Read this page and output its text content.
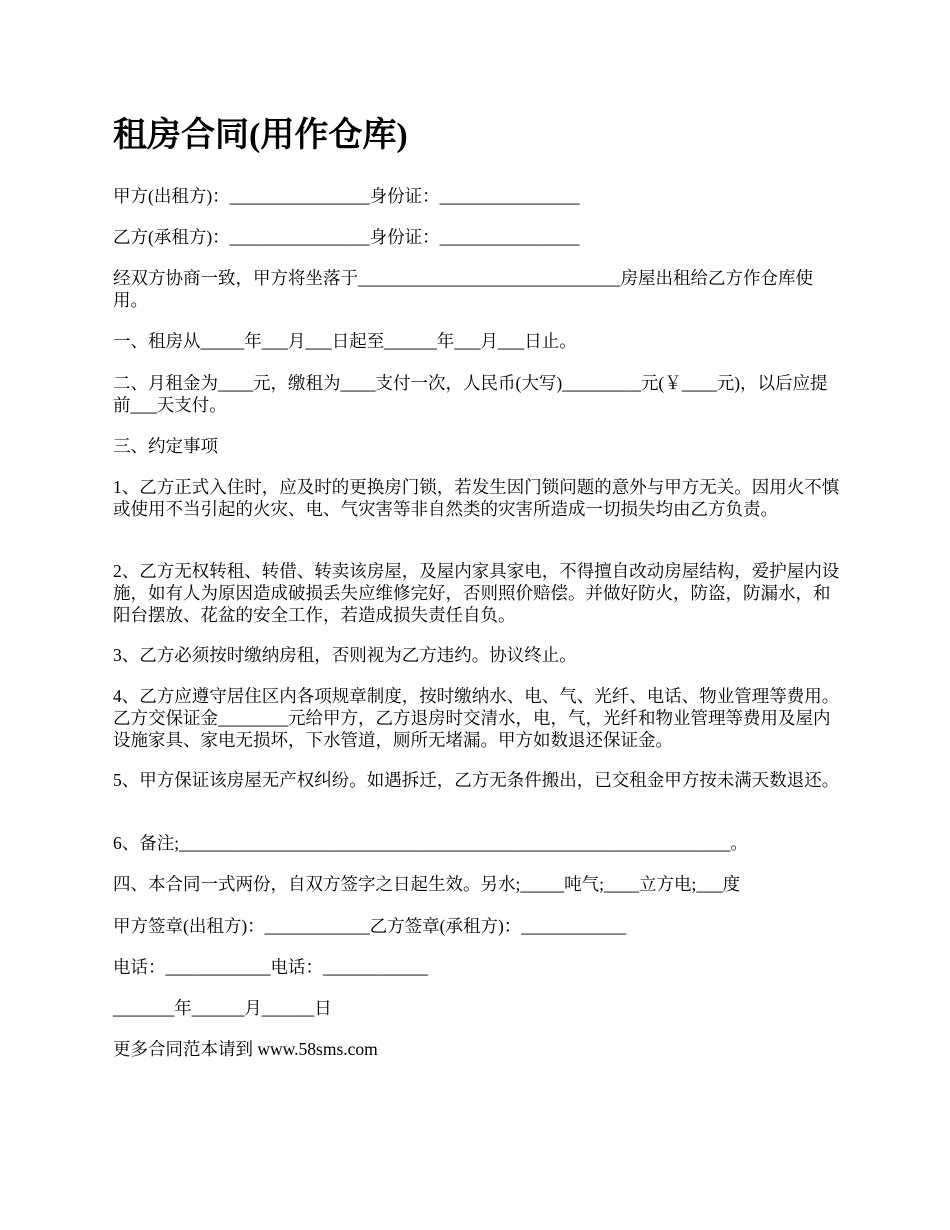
租房合同(用作仓库)

甲方(出租方)：________________身份证：________________

乙方(承租方)：________________身份证：________________

经双方协商一致，甲方将坐落于______________________________房屋出租给乙方作仓库使用。

一、租房从_____年___月___日起至______年___月___日止。

二、月租金为____元，缴租为____支付一次，人民币(大写)_________元(￥____元)，以后应提前___天支付。

三、约定事项

1、乙方正式入住时，应及时的更换房门锁，若发生因门锁问题的意外与甲方无关。因用火不慎或使用不当引起的火灾、电、气灾害等非自然类的灾害所造成一切损失均由乙方负责。

2、乙方无权转租、转借、转卖该房屋，及屋内家具家电，不得擅自改动房屋结构，爱护屋内设施，如有人为原因造成破损丢失应维修完好，否则照价赔偿。并做好防火，防盗，防漏水，和阳台摆放、花盆的安全工作，若造成损失责任自负。

3、乙方必须按时缴纳房租，否则视为乙方违约。协议终止。

4、乙方应遵守居住区内各项规章制度，按时缴纳水、电、气、光纤、电话、物业管理等费用。乙方交保证金________元给甲方，乙方退房时交清水，电，气，光纤和物业管理等费用及屋内设施家具、家电无损坏，下水管道，厕所无堵漏。甲方如数退还保证金。

5、甲方保证该房屋无产权纠纷。如遇拆迁，乙方无条件搬出，已交租金甲方按未满天数退还。

6、备注;_______________________________________________________________。

四、本合同一式两份，自双方签字之日起生效。另水;_____吨气;____立方电;___度

甲方签章(出租方)：____________乙方签章(承租方)：____________

电话：____________电话：____________

_______年______月______日

更多合同范本请到 www.58sms.com
